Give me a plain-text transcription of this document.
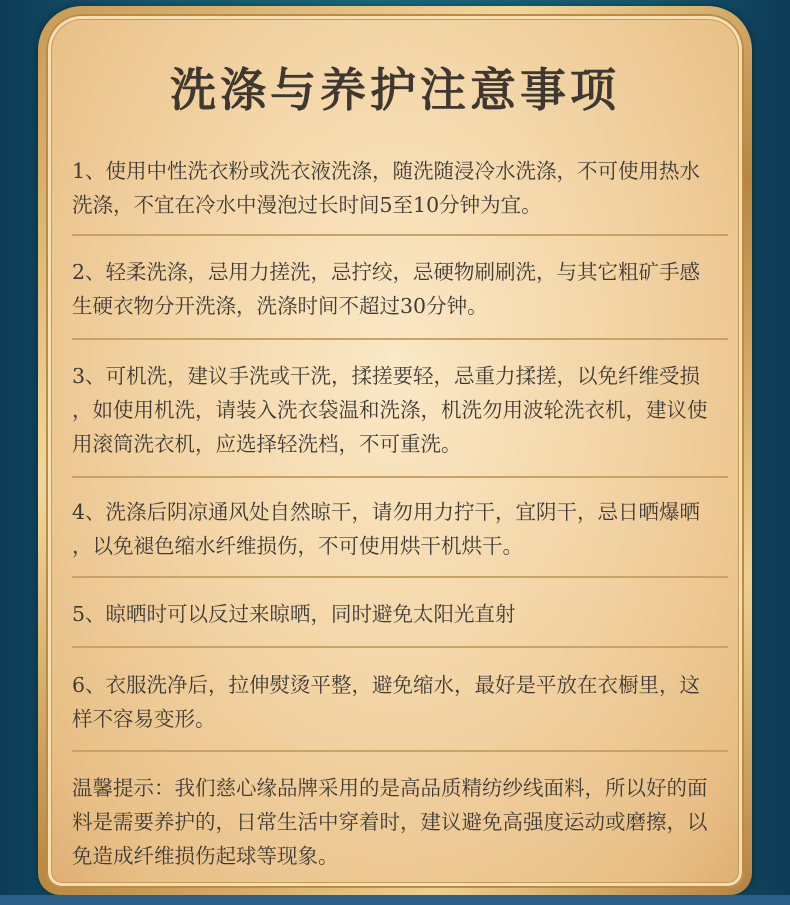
洗涤与养护注意事项
1、使用中性洗衣粉或洗衣液洗涤，随洗随浸冷水洗涤，不可使用热水
洗涤，不宜在冷水中漫泡过长时间5至10分钟为宜。
2、轻柔洗涤，忌用力搓洗，忌拧绞，忌硬物刷刷洗，与其它粗矿手感
生硬衣物分开洗涤，洗涤时间不超过30分钟。
3、可机洗，建议手洗或干洗，揉搓要轻，忌重力揉搓，以免纤维受损
，如使用机洗，请装入洗衣袋温和洗涤，机洗勿用波轮洗衣机，建议使
用滚筒洗衣机，应选择轻洗档，不可重洗。
4、洗涤后阴凉通风处自然晾干，请勿用力拧干，宜阴干，忌日晒爆晒
，以免褪色缩水纤维损伤，不可使用烘干机烘干。
5、晾晒时可以反过来晾晒，同时避免太阳光直射
6、衣服洗净后，拉伸熨烫平整，避免缩水，最好是平放在衣橱里，这
样不容易变形。
温馨提示：我们慈心缘品牌采用的是高品质精纺纱线面料，所以好的面
料是需要养护的，日常生活中穿着时，建议避免高强度运动或磨擦，以
免造成纤维损伤起球等现象。
